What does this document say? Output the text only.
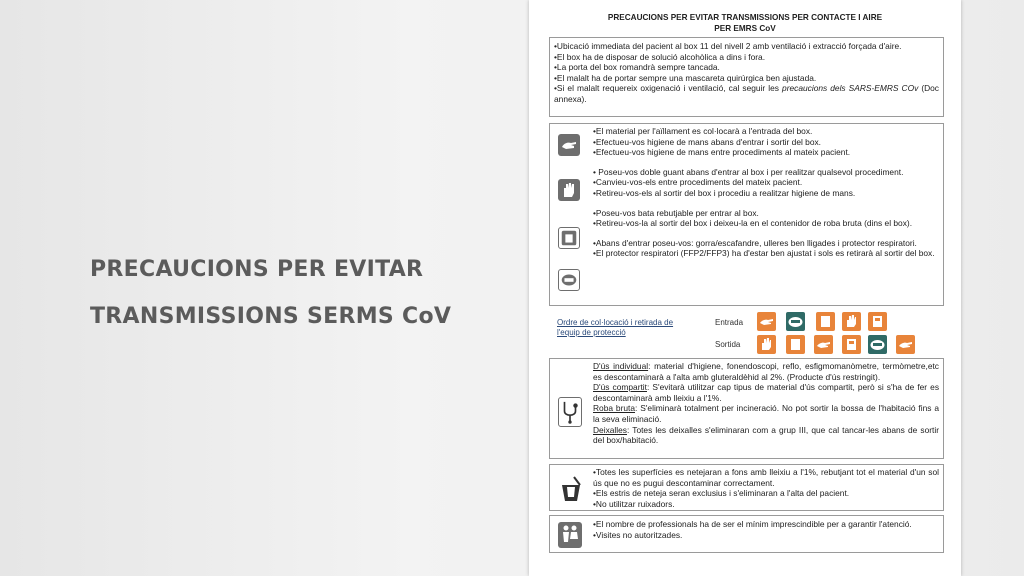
PRECAUCIONS PER EVITAR
TRANSMISSIONS SERMS CoV
PRECAUCIONS PER EVITAR TRANSMISSIONS PER CONTACTE I AIRE
PER EMRS CoV

•Ubicació immediata del pacient al box 11 del nivell 2 amb ventilació i extracció forçada d'aire.

•El box ha de disposar de solució alcohòlica a dins i fora.

•La porta del box romandrà sempre tancada.

•El malalt ha de portar sempre una mascareta quirúrgica ben ajustada.

•Si el malalt requereix oxigenació i ventilació, cal seguir les precaucions dels SARS-EMRS COv (Doc annexa).

•El material per l'aïllament es col·locarà a l'entrada del box.

•Efectueu-vos higiene de mans abans d'entrar i sortir del box.

•Efectueu-vos higiene de mans entre procediments al mateix pacient.

• Poseu-vos doble guant abans d'entrar al box i per realitzar qualsevol procediment.

•Canvieu-vos-els entre procediments del mateix pacient.

•Retireu-vos-els al sortir del box i procediu a realitzar higiene de mans.

•Poseu-vos bata rebutjable per entrar al box.

•Retireu-vos-la al sortir del box i deixeu-la en el contenidor de roba bruta (dins el box).

•Abans d'entrar poseu-vos: gorra/escafandre, ulleres ben lligades i protector respiratori.

•El protector respiratori (FFP2/FFP3) ha d'estar ben ajustat i sols es retirarà al sortir del box.

Ordre de col·locació i retirada de l'equip de protecció
Entrada
Sortida

D'ús individual: material d'higiene, fonendoscopi, reflo, esfigmomanòmetre, termòmetre,etc es descontaminarà a l'alta amb gluteraldèhid al 2%. (Producte d'ús restringit).

D'ús compartit: S'evitarà utilitzar cap tipus de material d'ús compartit, però si s'ha de fer es descontaminarà amb lleixiu a l'1%.

Roba bruta: S'eliminarà totalment per incineració. No pot sortir la bossa de l'habitació fins a la seva eliminació.

Deixalles: Totes les deixalles s'eliminaran com a grup III, que cal tancar-les abans de sortir del box/habitació.

•Totes les superfícies es netejaran a fons amb lleixiu a l'1%, rebutjant tot el material d'un sol ús que no es pugui descontaminar correctament.

•Els estris de neteja seran exclusius i s'eliminaran a l'alta del pacient.

•No utilitzar ruixadors.

•El nombre de professionals ha de ser el mínim imprescindible per a garantir l'atenció.

•Visites no autoritzades.
